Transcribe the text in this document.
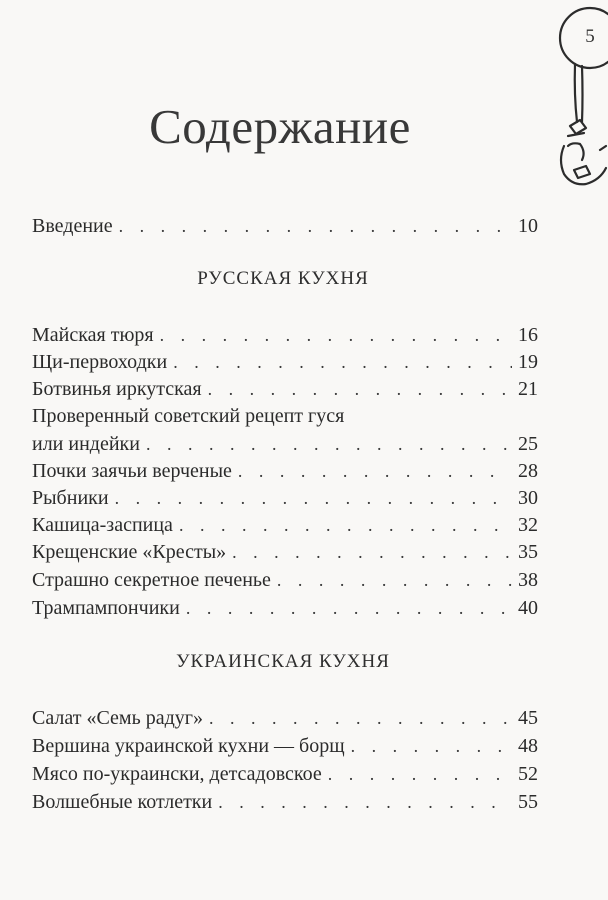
5
Содержание
Введение . . .	10
РУССКАЯ КУХНЯ
Майская тюря . . .	16
Щи-первоходки . . .	19
Ботвинья иркутская . . .	21
Проверенный советский рецепт гуся
или индейки . . .	25
Почки заячьи верченые . . .	28
Рыбники . . .	30
Кашица-заспица . . .	32
Крещенские «Кресты» . . .	35
Страшно секретное печенье . . .	38
Трампампончики . . .	40
УКРАИНСКАЯ КУХНЯ
Салат «Семь радуг» . . .	45
Вершина украинской кухни — борщ . . .	48
Мясо по-украински, детсадовское . . .	52
Волшебные котлетки . . .	55
